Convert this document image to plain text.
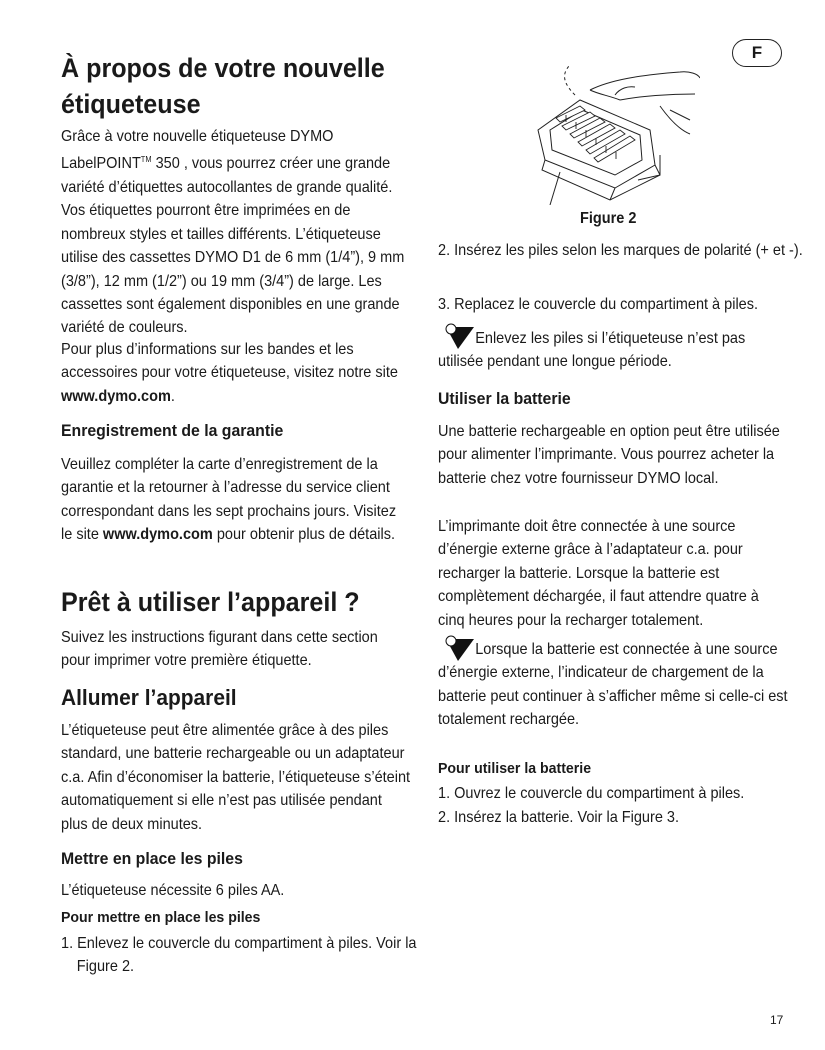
F
À propos de votre nouvelle étiqueteuse

Grâce à votre nouvelle étiqueteuse DYMO LabelPOINT™ 350 , vous pourrez créer une grande variété d’étiquettes autocollantes de grande qualité. Vos étiquettes pourront être imprimées en de nombreux styles et tailles différents. L’étiqueteuse utilise des cassettes DYMO D1 de 6 mm (1/4”), 9 mm (3/8”), 12 mm (1/2”) ou 19 mm (3/4”) de large. Les cassettes sont également disponibles en une grande variété de couleurs.

Pour plus d’informations sur les bandes et les accessoires pour votre étiqueteuse, visitez notre site www.dymo.com.

Enregistrement de la garantie

Veuillez compléter la carte d’enregistrement de la garantie et la retourner à l’adresse du service client correspondant dans les sept prochains jours. Visitez le site www.dymo.com pour obtenir plus de détails.

Prêt à utiliser l’appareil ?

Suivez les instructions figurant dans cette section pour imprimer votre première étiquette.

Allumer l’appareil

L’étiqueteuse peut être alimentée grâce à des piles standard, une batterie rechargeable ou un adaptateur c.a. Afin d’économiser la batterie, l’étiqueteuse s’éteint automatiquement si elle n’est pas utilisée pendant plus de deux minutes.

Mettre en place les piles

L’étiqueteuse nécessite 6 piles AA.

Pour mettre en place les piles

1. Enlevez le couvercle du compartiment à piles. Voir la Figure 2.

Figure 2

2. Insérez les piles selon les marques de polarité (+ et -).

3. Replacez le couvercle du compartiment à piles.

Enlevez les piles si l’étiqueteuse n’est pas utilisée pendant une longue période.

Utiliser la batterie

Une batterie rechargeable en option peut être utilisée pour alimenter l’imprimante. Vous pourrez acheter la batterie chez votre fournisseur DYMO local.

L’imprimante doit être connectée à une source d’énergie externe grâce à l’adaptateur c.a. pour recharger la batterie. Lorsque la batterie est complètement déchargée, il faut attendre quatre à cinq heures pour la recharger totalement.

Lorsque la batterie est connectée à une source d’énergie externe, l’indicateur de chargement de la batterie peut continuer à s’afficher même si celle-ci est totalement rechargée.

Pour utiliser la batterie

1. Ouvrez le couvercle du compartiment à piles.

2. Insérez la batterie. Voir la Figure 3.

17
